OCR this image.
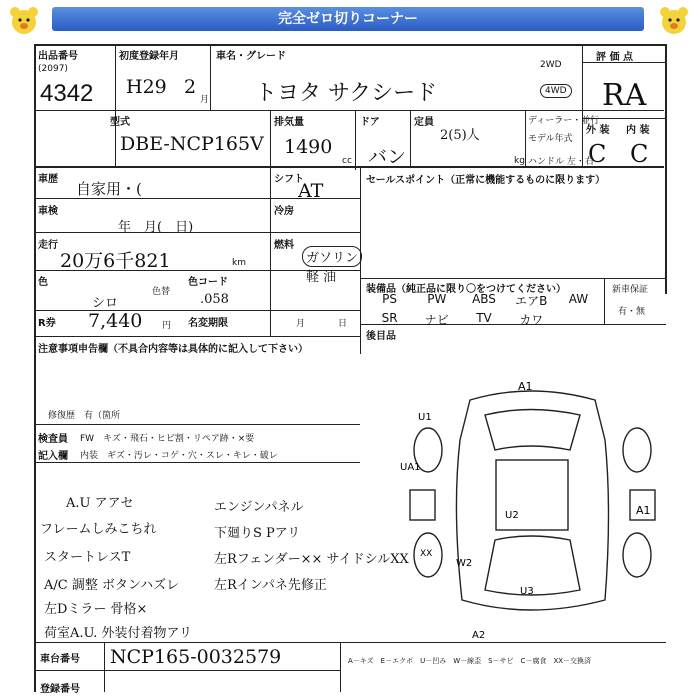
完全ゼロ切りコーナー
出品番号
(2097)
4342
初度登録年月
H29 2
月
車名・グレード
トヨタ サクシード
2WD
4WD
評 価 点
RA
型式
DBE-NCP165V
排気量
1490
cc
ドア
バン
定員
2(5)人
kg
ディーラー・並行
モデル年式
ハンドル 左・右
外 装 内 装
C C
車歴
自家用・(
シフト
AT
車検
年　月(　日)
冷房
走行
20万6千821	km
燃料
ガソリン
軽 油
色
シロ
色替
色コード
.058
R券 7,440 円 名変期限	月	日
セールスポイント（正常に機能するものに限ります）
装備品（純正品に限り〇をつけてください）
PS	PW	ABS	エアB	AW
SR	ナビ	TV	カワ
新車保証
有・無
後目品
注意事項申告欄（不具合内容等は具体的に記入して下さい）
修復歴　有（箇所
検査員
記入欄
FW　キズ・飛石・ヒビ割・リペア跡・×要
内装　ギズ・汚レ・コゲ・穴・スレ・キレ・破レ
A.U アアセ
フレームしみこちれ
スタートレスT
A/C 調整 ボタンハズレ
左Dミラー 骨格×
荷室A.U. 外装付着物アリ
エンジンパネル
下廻りS Pアリ
左Rフェンダー×× サイドシルXX
左Rインパネ先修正
A1
U1
UA1
U2	A1
W2
U3
XX
A2
A－キズ　E－エクボ　U－凹み　W－線歪　S－サビ　C－腐食　XX－交換済
車台番号 NCP165-0032579
登録番号
